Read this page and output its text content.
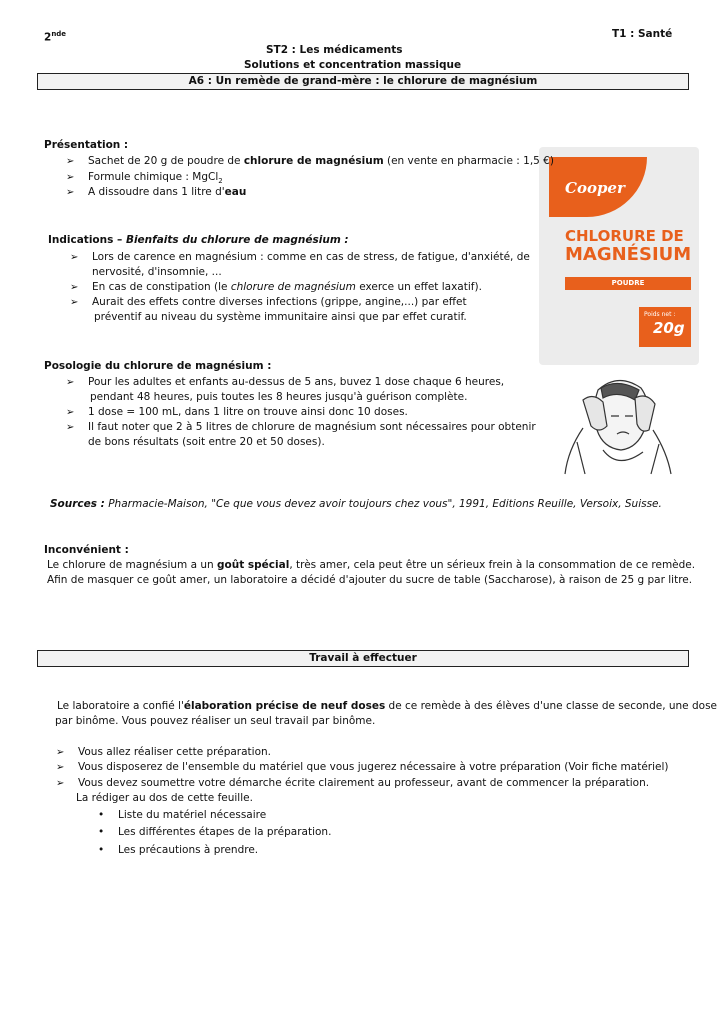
2nde	T1 : Santé
ST2 : Les médicaments
Solutions et concentration massique
A6 : Un remède de grand-mère : le chlorure de magnésium
Cooper
CHLORURE DE
MAGNÉSIUM
POUDRE
Poids net :
20g
Présentation :
➢ Sachet de 20 g de poudre de chlorure de magnésium (en vente en pharmacie : 1,5 €)
➢ Formule chimique : MgCl$_2$
➢ A dissoudre dans 1 litre d'eau
Indications – Bienfaits du chlorure de magnésium :
➢ Lors de carence en magnésium : comme en cas de stress, de fatigue, d'anxiété, de
nervosité, d'insomnie, ...
➢ En cas de constipation (le chlorure de magnésium exerce un effet laxatif).
➢ Aurait des effets contre diverses infections (grippe, angine,...) par effet
préventif au niveau du système immunitaire ainsi que par effet curatif.
Posologie du chlorure de magnésium :
➢ Pour les adultes et enfants au-dessus de 5 ans, buvez 1 dose chaque 6 heures,
pendant 48 heures, puis toutes les 8 heures jusqu'à guérison complète.
➢ 1 dose = 100 mL, dans 1 litre on trouve ainsi donc 10 doses.
➢ Il faut noter que 2 à 5 litres de chlorure de magnésium sont nécessaires pour obtenir
de bons résultats (soit entre 20 et 50 doses).
Sources : Pharmacie-Maison, "Ce que vous devez avoir toujours chez vous", 1991, Editions Reuille, Versoix, Suisse.
Inconvénient :
Le chlorure de magnésium a un goût spécial, très amer, cela peut être un sérieux frein à la consommation de ce remède.
Afin de masquer ce goût amer, un laboratoire a décidé d'ajouter du sucre de table (Saccharose), à raison de 25 g par litre.
Travail à effectuer
Le laboratoire a confié l'élaboration précise de neuf doses de ce remède à des élèves d'une classe de seconde, une dose
par binôme. Vous pouvez réaliser un seul travail par binôme.
➢ Vous allez réaliser cette préparation.
➢ Vous disposerez de l'ensemble du matériel que vous jugerez nécessaire à votre préparation (Voir fiche matériel)
➢ Vous devez soumettre votre démarche écrite clairement au professeur, avant de commencer la préparation.
La rédiger au dos de cette feuille.
• Liste du matériel nécessaire
• Les différentes étapes de la préparation.
• Les précautions à prendre.
